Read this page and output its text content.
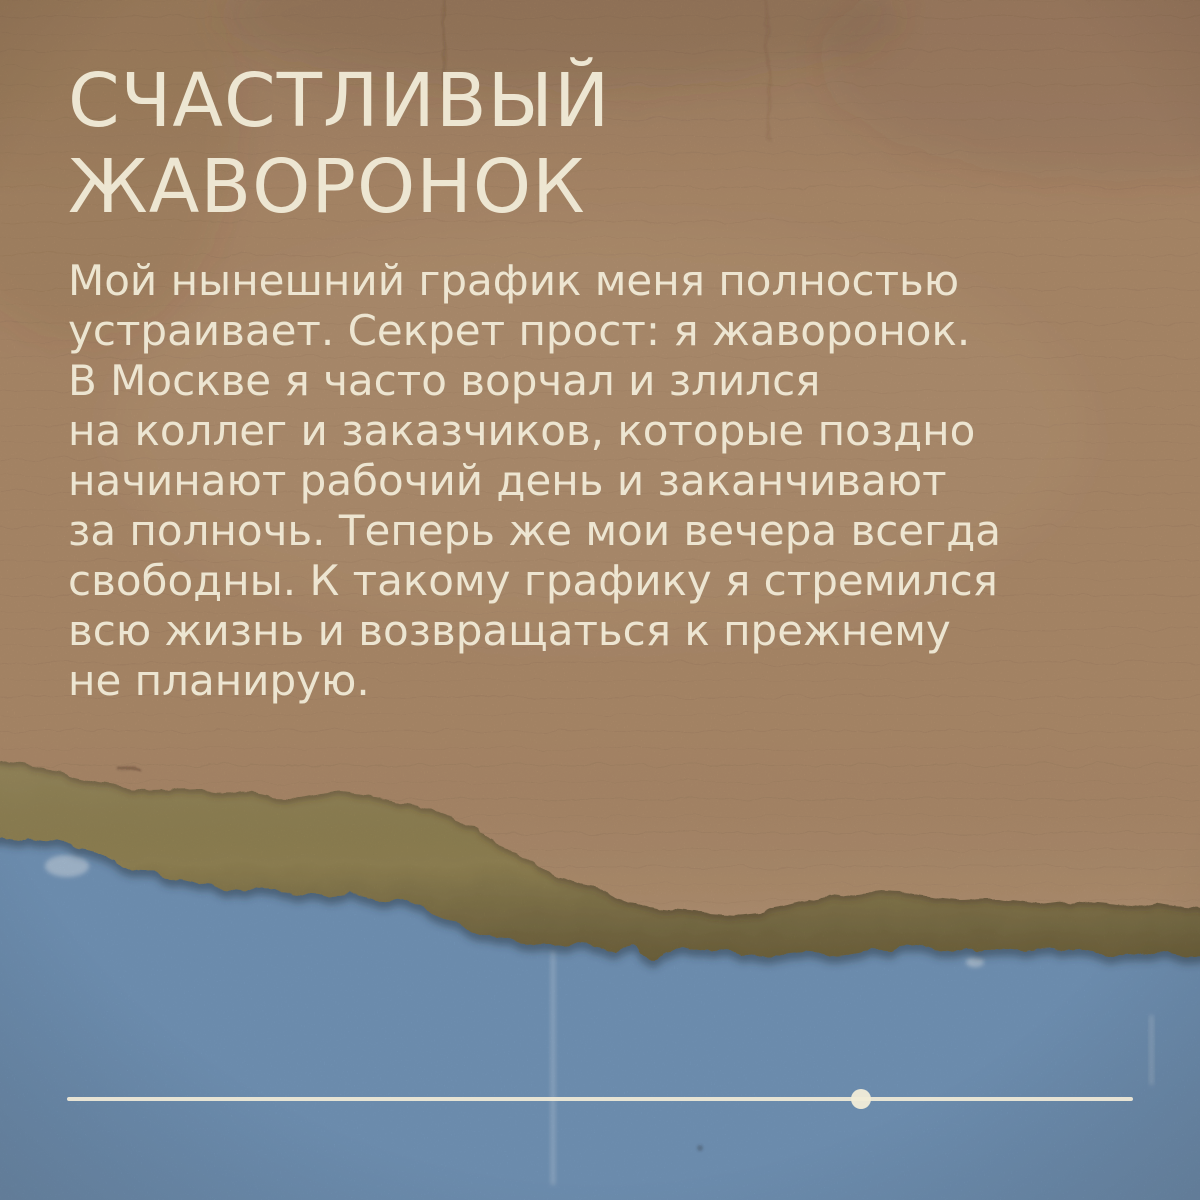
СЧАСТЛИВЫЙ
ЖАВОРОНОК
Мой нынешний график меня полностью
устраивает. Секрет прост: я жаворонок.
В Москве я часто ворчал и злился
на коллег и заказчиков, которые поздно
начинают рабочий день и заканчивают
за полночь. Теперь же мои вечера всегда
свободны. К такому графику я стремился
всю жизнь и возвращаться к прежнему
не планирую.
